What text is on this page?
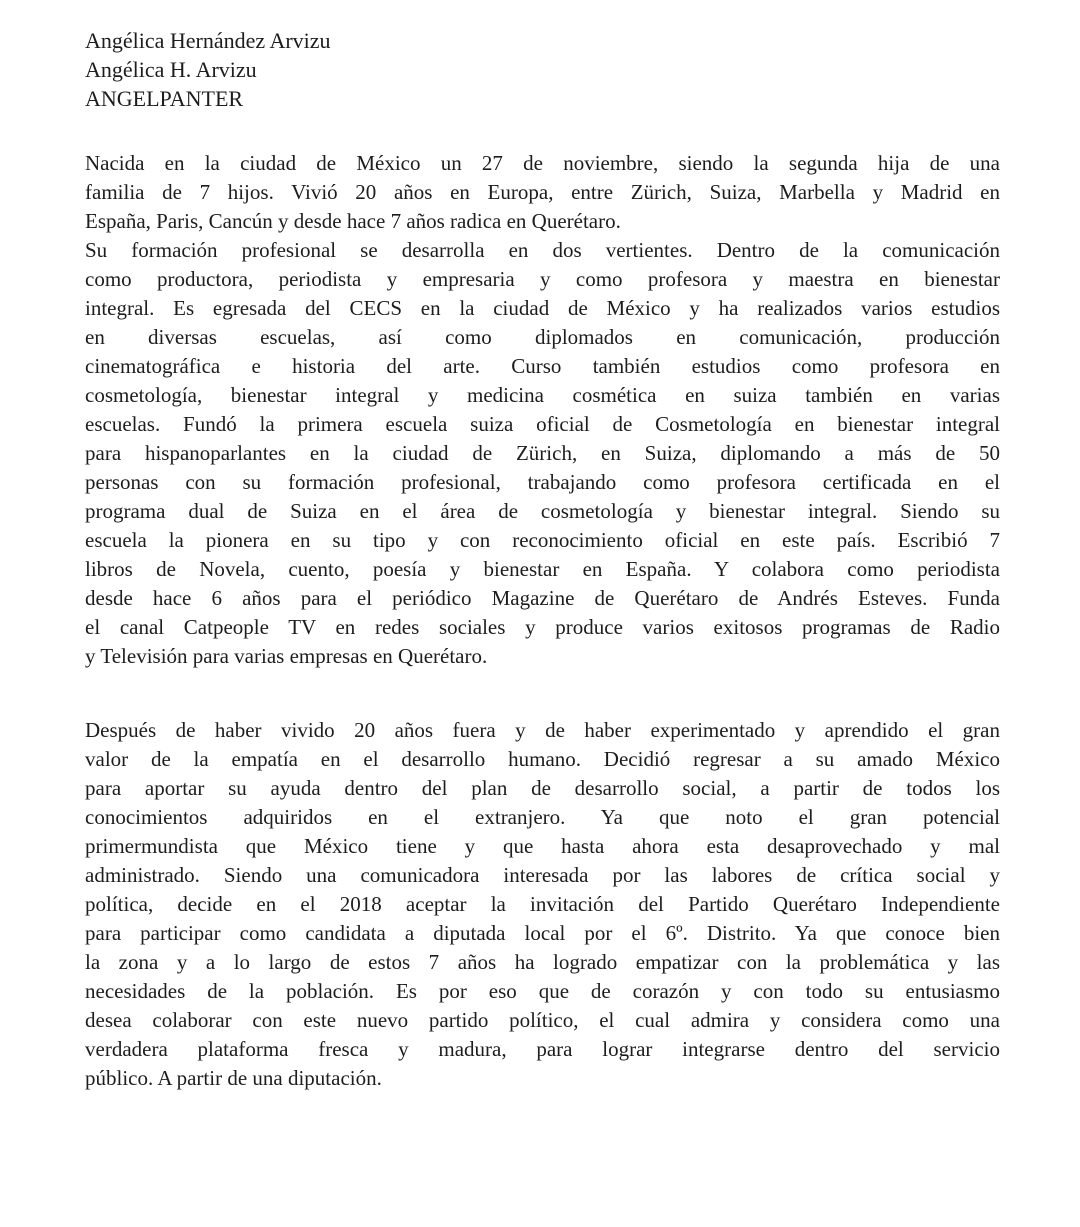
Angélica Hernández Arvizu
Angélica H. Arvizu
ANGELPANTER
Nacida en la ciudad de México un 27 de noviembre, siendo la segunda hija de una
familia de 7 hijos. Vivió 20 años en Europa, entre Zürich, Suiza, Marbella y Madrid en
España, Paris, Cancún y desde hace 7 años radica en Querétaro.
Su formación profesional se desarrolla en dos vertientes. Dentro de la comunicación
como productora, periodista y empresaria y como profesora y maestra en bienestar
integral. Es egresada del CECS en la ciudad de México y ha realizados varios estudios
en diversas escuelas, así como diplomados en comunicación, producción
cinematográfica e historia del arte. Curso también estudios como profesora en
cosmetología, bienestar integral y medicina cosmética en suiza también en varias
escuelas. Fundó la primera escuela suiza oficial de Cosmetología en bienestar integral
para hispanoparlantes en la ciudad de Zürich, en Suiza, diplomando a más de 50
personas con su formación profesional, trabajando como profesora certificada en el
programa dual de Suiza en el área de cosmetología y bienestar integral. Siendo su
escuela la pionera en su tipo y con reconocimiento oficial en este país. Escribió 7
libros de Novela, cuento, poesía y bienestar en España. Y colabora como periodista
desde hace 6 años para el periódico Magazine de Querétaro de Andrés Esteves. Funda
el canal Catpeople TV en redes sociales y produce varios exitosos programas de Radio
y Televisión para varias empresas en Querétaro.
Después de haber vivido 20 años fuera y de haber experimentado y aprendido el gran
valor de la empatía en el desarrollo humano. Decidió regresar a su amado México
para aportar su ayuda dentro del plan de desarrollo social, a partir de todos los
conocimientos adquiridos en el extranjero. Ya que noto el gran potencial
primermundista que México tiene y que hasta ahora esta desaprovechado y mal
administrado. Siendo una comunicadora interesada por las labores de crítica social y
política, decide en el 2018 aceptar la invitación del Partido Querétaro Independiente
para participar como candidata a diputada local por el 6º. Distrito. Ya que conoce bien
la zona y a lo largo de estos 7 años ha logrado empatizar con la problemática y las
necesidades de la población. Es por eso que de corazón y con todo su entusiasmo
desea colaborar con este nuevo partido político, el cual admira y considera como una
verdadera plataforma fresca y madura, para lograr integrarse dentro del servicio
público. A partir de una diputación.
